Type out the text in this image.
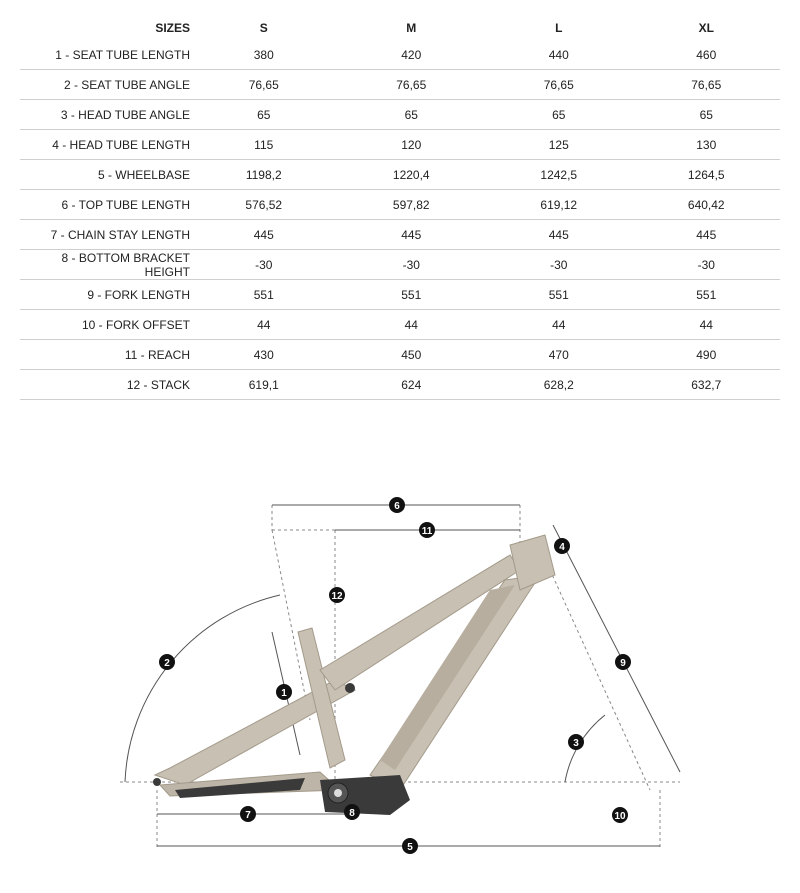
SIZES	S	M	L	XL
1 - SEAT TUBE LENGTH	380	420	440	460
2 - SEAT TUBE ANGLE	76,65	76,65	76,65	76,65
3 - HEAD TUBE ANGLE	65	65	65	65
4 - HEAD TUBE LENGTH	115	120	125	130
5 - WHEELBASE	1198,2	1220,4	1242,5	1264,5
6 - TOP TUBE LENGTH	576,52	597,82	619,12	640,42
7 - CHAIN STAY LENGTH	445	445	445	445
8 - BOTTOM BRACKET HEIGHT	-30	-30	-30	-30
9 - FORK LENGTH	551	551	551	551
10 - FORK OFFSET	44	44	44	44
11 - REACH	430	450	470	490
12 - STACK	619,1	624	628,2	632,7
6
11
4
12
2	9
1
3
8
7	10
5
